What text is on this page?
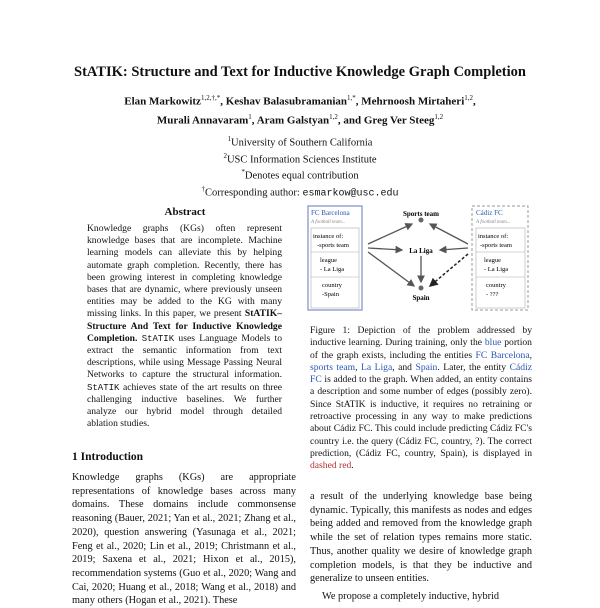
StATIK: Structure and Text for Inductive Knowledge Graph Completion
Elan Markowitz$^{1,2,\dagger,*}$, Keshav Balasubramanian$^{1,*}$, Mehrnoosh Mirtaheri$^{1,2}$,
Murali Annavaram$^1$, Aram Galstyan$^{1,2}$, and Greg Ver Steeg$^{1,2}$
$^1$University of Southern California
$^2$USC Information Sciences Institute
*Denotes equal contribution
†Corresponding author: esmarkow@usc.edu
Abstract
Knowledge graphs (KGs) often represent knowledge bases that are incomplete. Machine learning models can alleviate this by helping automate graph completion. Recently, there has been growing interest in completing knowledge bases that are dynamic, where previously unseen entities may be added to the KG with many missing links. In this paper, we present StATIK–Structure And Text for Inductive Knowledge Completion. StATIK uses Language Models to extract the semantic information from text descriptions, while using Message Passing Neural Networks to capture the structural information. StATIK achieves state of the art results on three challenging inductive baselines. We further analyze our hybrid model through detailed ablation studies.
1 Introduction
Knowledge graphs (KGs) are appropriate representations of knowledge bases across many domains. These domains include commonsense reasoning (Bauer, 2021; Yan et al., 2021; Zhang et al., 2020), question answering (Yasunaga et al., 2021; Feng et al., 2020; Lin et al., 2019; Christmann et al., 2019; Saxena et al., 2021; Hixon et al., 2015), recommendation systems (Guo et al., 2020; Wang and Cai, 2020; Huang et al., 2018; Wang et al., 2018) and many others (Hogan et al., 2021). These
FC Barcelona
A football team...
instance of:
-sports team
league
- La Liga
country
-Spain
Cádiz FC
A football team...
instance of:
-sports team
league
- La Liga
country
- ???
Sports team
La Liga
Spain
Figure 1: Depiction of the problem addressed by inductive learning. During training, only the blue portion of the graph exists, including the entities FC Barcelona, sports team, La Liga, and Spain. Later, the entity Cádiz FC is added to the graph. When added, an entity contains a description and some number of edges (possibly zero). Since StATIK is inductive, it requires no retraining or retroactive processing in any way to make predictions about Cádiz FC. This could include predicting Cádiz FC's country i.e. the query (Cádiz FC, country, ?). The correct prediction, (Cádiz FC, country, Spain), is displayed in dashed red.
a result of the underlying knowledge base being dynamic. Typically, this manifests as nodes and edges being added and removed from the knowledge graph while the set of relation types remains more static. Thus, another quality we desire of knowledge graph completion models, is that they be inductive and generalize to unseen entities.
We propose a completely inductive, hybrid
